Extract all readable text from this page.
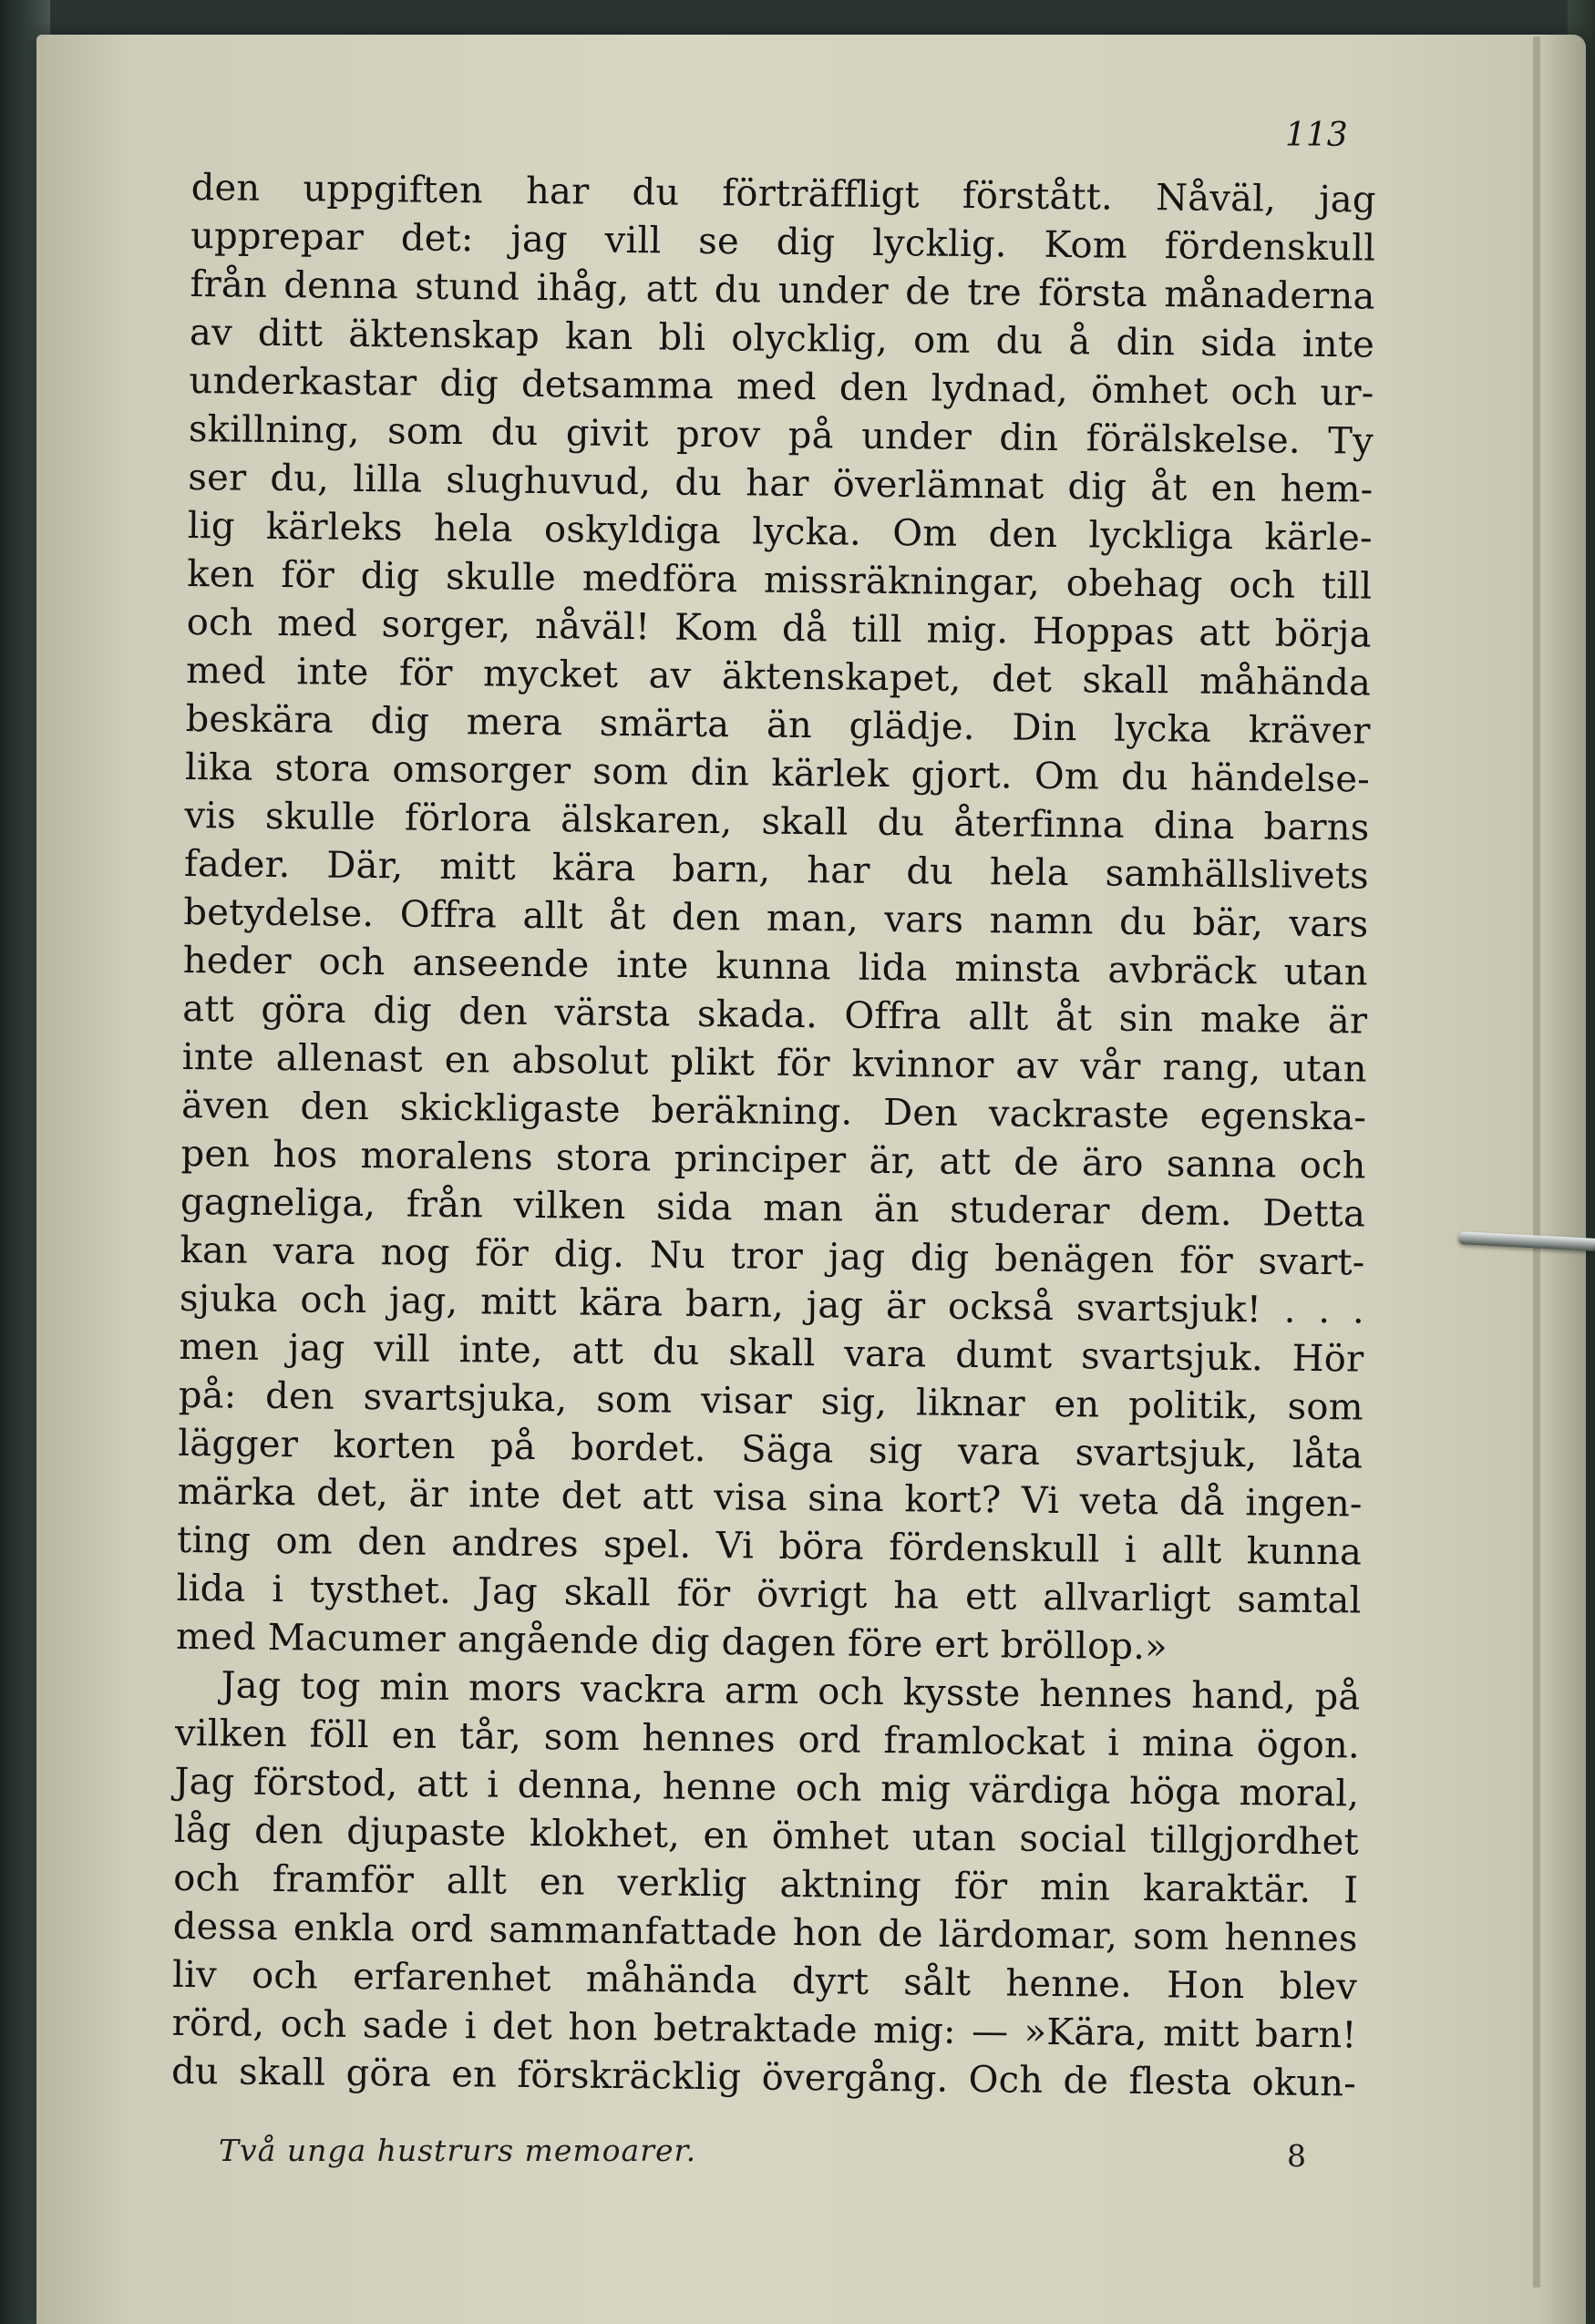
113
den uppgiften har du förträffligt förstått. Nåväl, jag
upprepar det: jag vill se dig lycklig. Kom fördenskull
från denna stund ihåg, att du under de tre första månaderna
av ditt äktenskap kan bli olycklig, om du å din sida inte
underkastar dig detsamma med den lydnad, ömhet och ur-
skillning, som du givit prov på under din förälskelse. Ty
ser du, lilla slughuvud, du har överlämnat dig åt en hem-
lig kärleks hela oskyldiga lycka. Om den lyckliga kärle-
ken för dig skulle medföra missräkningar, obehag och till
och med sorger, nåväl! Kom då till mig. Hoppas att börja
med inte för mycket av äktenskapet, det skall måhända
beskära dig mera smärta än glädje. Din lycka kräver
lika stora omsorger som din kärlek gjort. Om du händelse-
vis skulle förlora älskaren, skall du återfinna dina barns
fader. Där, mitt kära barn, har du hela samhällslivets
betydelse. Offra allt åt den man, vars namn du bär, vars
heder och anseende inte kunna lida minsta avbräck utan
att göra dig den värsta skada. Offra allt åt sin make är
inte allenast en absolut plikt för kvinnor av vår rang, utan
även den skickligaste beräkning. Den vackraste egenska-
pen hos moralens stora principer är, att de äro sanna och
gagneliga, från vilken sida man än studerar dem. Detta
kan vara nog för dig. Nu tror jag dig benägen för svart-
sjuka och jag, mitt kära barn, jag är också svartsjuk! . . .
men jag vill inte, att du skall vara dumt svartsjuk. Hör
på: den svartsjuka, som visar sig, liknar en politik, som
lägger korten på bordet. Säga sig vara svartsjuk, låta
märka det, är inte det att visa sina kort? Vi veta då ingen-
ting om den andres spel. Vi böra fördenskull i allt kunna
lida i tysthet. Jag skall för övrigt ha ett allvarligt samtal
med Macumer angående dig dagen före ert bröllop.»
Jag tog min mors vackra arm och kysste hennes hand, på
vilken föll en tår, som hennes ord framlockat i mina ögon.
Jag förstod, att i denna, henne och mig värdiga höga moral,
låg den djupaste klokhet, en ömhet utan social tillgjordhet
och framför allt en verklig aktning för min karaktär. I
dessa enkla ord sammanfattade hon de lärdomar, som hennes
liv och erfarenhet måhända dyrt sålt henne. Hon blev
rörd, och sade i det hon betraktade mig: — »Kära, mitt barn!
du skall göra en förskräcklig övergång. Och de flesta okun-
Två unga hustrurs memoarer.	8
